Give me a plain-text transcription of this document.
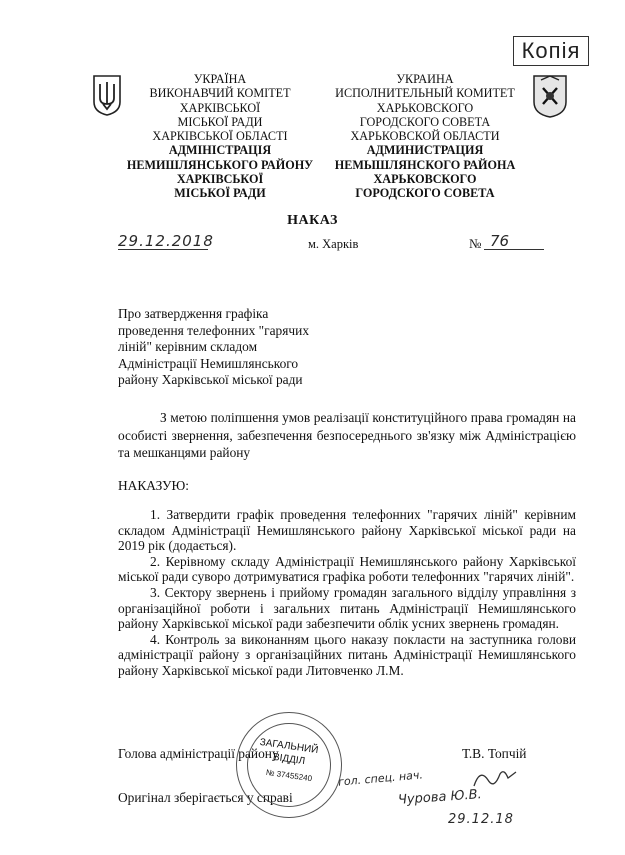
Копія
УКРАЇНА
ВИКОНАВЧИЙ КОМІТЕТ
ХАРКІВСЬКОЇ
МІСЬКОЇ РАДИ
ХАРКІВСЬКОЇ ОБЛАСТІ
АДМІНІСТРАЦІЯ
НЕМИШЛЯНСЬКОГО РАЙОНУ
ХАРКІВСЬКОЇ
МІСЬКОЇ РАДИ
УКРАИНА
ИСПОЛНИТЕЛЬНЫЙ КОМИТЕТ
ХАРЬКОВСКОГО
ГОРОДСКОГО СОВЕТА
ХАРЬКОВСКОЙ ОБЛАСТИ
АДМИНИСТРАЦИЯ
НЕМЫШЛЯНСКОГО РАЙОНА
ХАРЬКОВСКОГО
ГОРОДСКОГО СОВЕТА
НАКАЗ
29.12.2018	м. Харків	№ 76
Про затвердження графіка
проведення телефонних "гарячих
ліній" керівним складом
Адміністрації Немишлянського
району Харківської міської ради
З метою поліпшення умов реалізації конституційного права громадян на особисті звернення, забезпечення безпосереднього зв'язку між Адміністрацією та мешканцями району
НАКАЗУЮ:
1. Затвердити графік проведення телефонних "гарячих ліній" керівним складом Адміністрації Немишлянського району Харківської міської ради на 2019 рік (додається).
2. Керівному складу Адміністрації Немишлянського району Харківської міської ради суворо дотримуватися графіка роботи телефонних "гарячих ліній".
3. Сектору звернень і прийому громадян загального відділу управління з організаційної роботи і загальних питань Адміністрації Немишлянського району Харківської міської ради забезпечити облік усних звернень громадян.
4. Контроль за виконанням цього наказу покласти на заступника голови адміністрації району з організаційних питань Адміністрації Немишлянського району Харківської міської ради Литовченко Л.М.
Голова адміністрації району	Т.В. Топчій
Оригінал зберігається у справі
ЗАГАЛЬНИЙ
ВІДДІЛ
№ 37455240	гол. спец. нач.
Чурова Ю.В.
29.12.18
